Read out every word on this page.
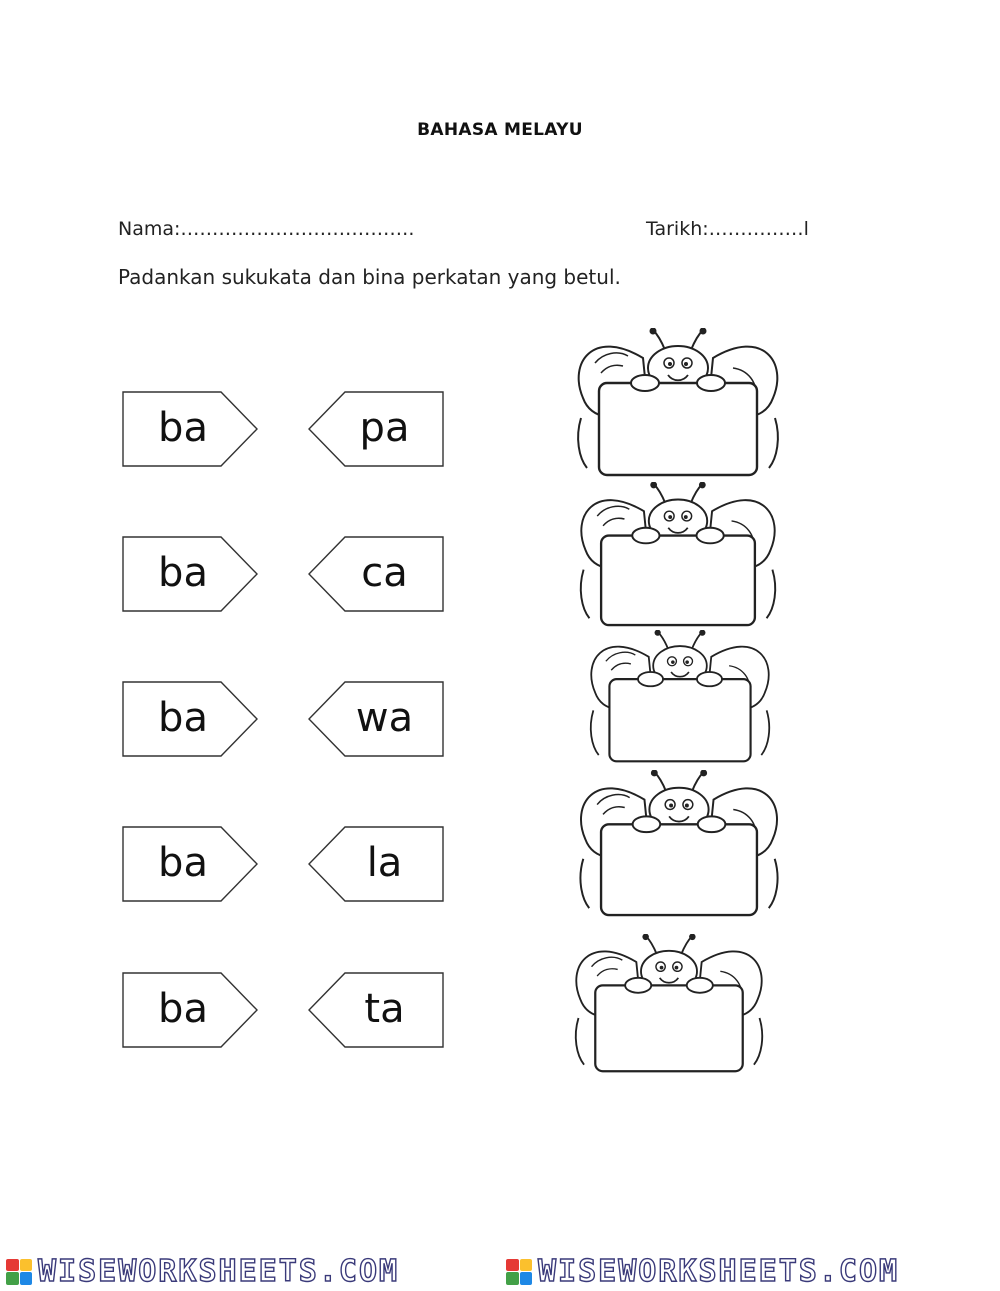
BAHASA MELAYU
Nama:……………………………….	Tarikh:……………l
Padankan sukukata dan bina perkatan yang betul.
ba	pa
ba	ca
ba	wa
ba	la
ba	ta
WISEWORKSHEETS.COM	WISEWORKSHEETS.COM
